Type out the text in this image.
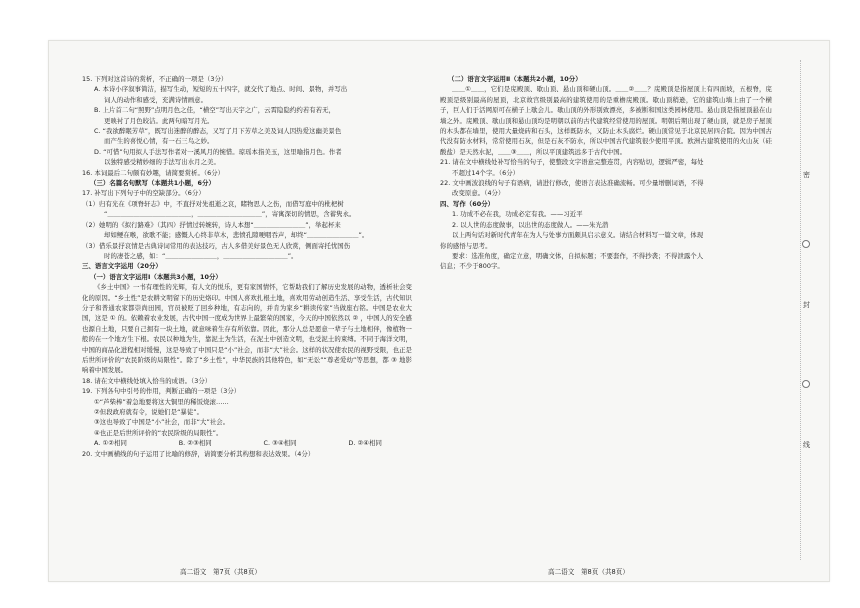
15. 下列对这首诗的赏析，不正确的一项是（3分）
A. 本诗小序叙事简洁，描写生动，短短的五十四字，就交代了地点、时间、景物，并写出
词人的动作和感受，充满诗情画意。
B. 上片首二句“照野”点明月色之佳，“横空”写出天宇之广，云霄隐隐约约若有若无，
更映衬了月色皎洁。此两句暗写月光。
C. “我欲醉眠芳草”，既写出迷醉的醉态，又写了月下芳草之美及词人因热爱这幽美景色
而产生的喜悦心情，有一石三鸟之妙。
D. “可惜”句用拟人手法写作者对一溪风月的惋惜。琼瑶本指美玉，这里喻指月色。作者
以独特感受精妙细的手法写出水月之美。
16. 本词最后二句颇有妙趣，请简要赏析。（6分）
（三）名篇名句默写（本题共1小题，6分）
17. 补写出下列句子中的空缺部分。（6分）
（1）归有光在《项脊轩志》中，不直抒对先祖逝之哀，睹物思人之伤，而借写庭中的枇杷树
“＿＿＿＿＿＿＿＿＿＿＿＿＿，＿＿＿＿＿＿＿＿＿＿”，寄寓深切的情思，含蓄隽永。
（2）她明的《拟行路难》（其四）抒情过转婉转，诗人本想“＿＿＿＿＿＿＿＿”，举起杯来
却如鲠在喉，欲歌不能；感慨人心终非草木，悲愤孔隙哽咽吞声，却终“＿＿＿＿＿＿＿＿”。
（3）借乐景抒哀情是古典诗词常用的表达技巧，古人多借美好景色无人欣赏，侧面寄托忧国伤
时的凄苍之感，如：“＿＿＿＿＿＿＿＿，＿＿＿＿＿＿＿＿＿＿”。
三、语言文字运用（20分）
（一）语言文字运用Ⅰ（本题共3小题，10分）
《乡土中国》一书有理性的光辉，有人文的悦乐，更有家国情怀，它帮助我们了解历史发展的动物，透析社会变化的原因。“乡土性”是农耕文明留下的历史烙印。中国人喜欢扎根土地，喜欢用劳动创造生活、享受生活，古代知识分子和普通农家都崇尚田园，官员被贬了回乡种地，有志向的，并肯为家乡“耕读传家”当做座右铭。中国是农业大国，这是 ① 的。依赖着农业发展，古代中国一度成为世界上最繁荣的国家，今天的中国依然以 ② ，中国人的安全感也源自土地，只要自己拥有一块土地，就意味着生存有所依靠。因此，那分人总是愿意一辈子与土地相伴，像植物一般的在一个地方生下根。农民以种地为生，靠泥土为生活，在泥土中创造文明，也受泥土的束缚。不同于海洋文明，中国的商品化进程相对缓慢，这是导致了中国只是“小”社会，而非“大”社会。这样的状况使农民的视野受限，也正是后世所评价的“农民阶级的局限性”。除了“乡土性”，中华民族的其他特色，如“无讼”“尊老爱幼”等思想，都 ③ 地影响着中国发展。
18. 请在文中横线处填入恰当的成语。（3分）
19. 下列各句中引号的作用，判断正确的一项是（3分）
①“芦柴棒”着急地要将这大铜里的稀饭烧滚……
②但段政府就有令，说她们是“暴徒”。
③这也导致了中国是“小”社会，而非“大”社会。
④也正是后世所评价的“农民阶级的局限性”。
A. ①②相同	B. ②③相同	C. ③④相同	D. ②④相同
20. 文中画横线的句子运用了比喻的修辞，请简要分析其构想和表达效果。（4分）
（二）语言文字运用Ⅱ（本题共2小题，10分）
＿＿①＿＿，它们是庑殿顶、歇山顶、悬山顶和硬山顶。＿＿②＿＿？庑殿顶是指屋顶上有四面坡，五根脊，庑殿顶是级别最高的屋顶，北京故宫级别最高的建筑使用的是重檐庑殿顶。歇山顶稍逊，它的建筑山墙上由了一个横子，巨人们于活网原可在横子上歇会儿。歇山顶的外形别致漂亮，多被断和国这类园林使用。悬山顶是指屋顶悬在山墙之外。庑殿顶、歇山顶和悬山顶均是明朝以前的古代建筑经常使用的屋顶。明朝后期出现了硬山顶，就是房子屋顶的木头都在墙里，使用大量烧砖和石头，这样既防水，又防止木头腐烂。硬山顶常见于北京民居四合院。因为中国古代没有防水材料，常常使用石灰，但是石灰不防水，所以中国古代建筑很少使用平顶。欧洲古建筑使用的火山灰（硅酸盐）是天然水泥，＿＿③＿＿，所以平顶建筑远多于古代中国。
21. 请在文中横线处补写恰当的句子，使整段文字语意完整连贯，内容贴切，逻辑严密，每处
不超过14个字。（6分）
22. 文中画波浪线的句子有语病，请进行修改，使语言表达准确流畅。可少量增删词语，不得
改变原意。（4分）
四、写作（60分）
1. 功成不必在我，功成必定有我。——习近平
2. 以人世的态度做事，以出世的态度做人。——朱光潜
以上两句话对新时代青年在为人与处事方面颇具启示意义。请结合材料写一篇文章，体现
你的感悟与思考。
要求：选准角度，确定立意，明确文体，自拟标题；不要套作，不得抄袭；不得泄露个人
信息；不少于800字。
高二语文　第7页（共8页）	高二语文　第8页（共8页）
密
封
线
